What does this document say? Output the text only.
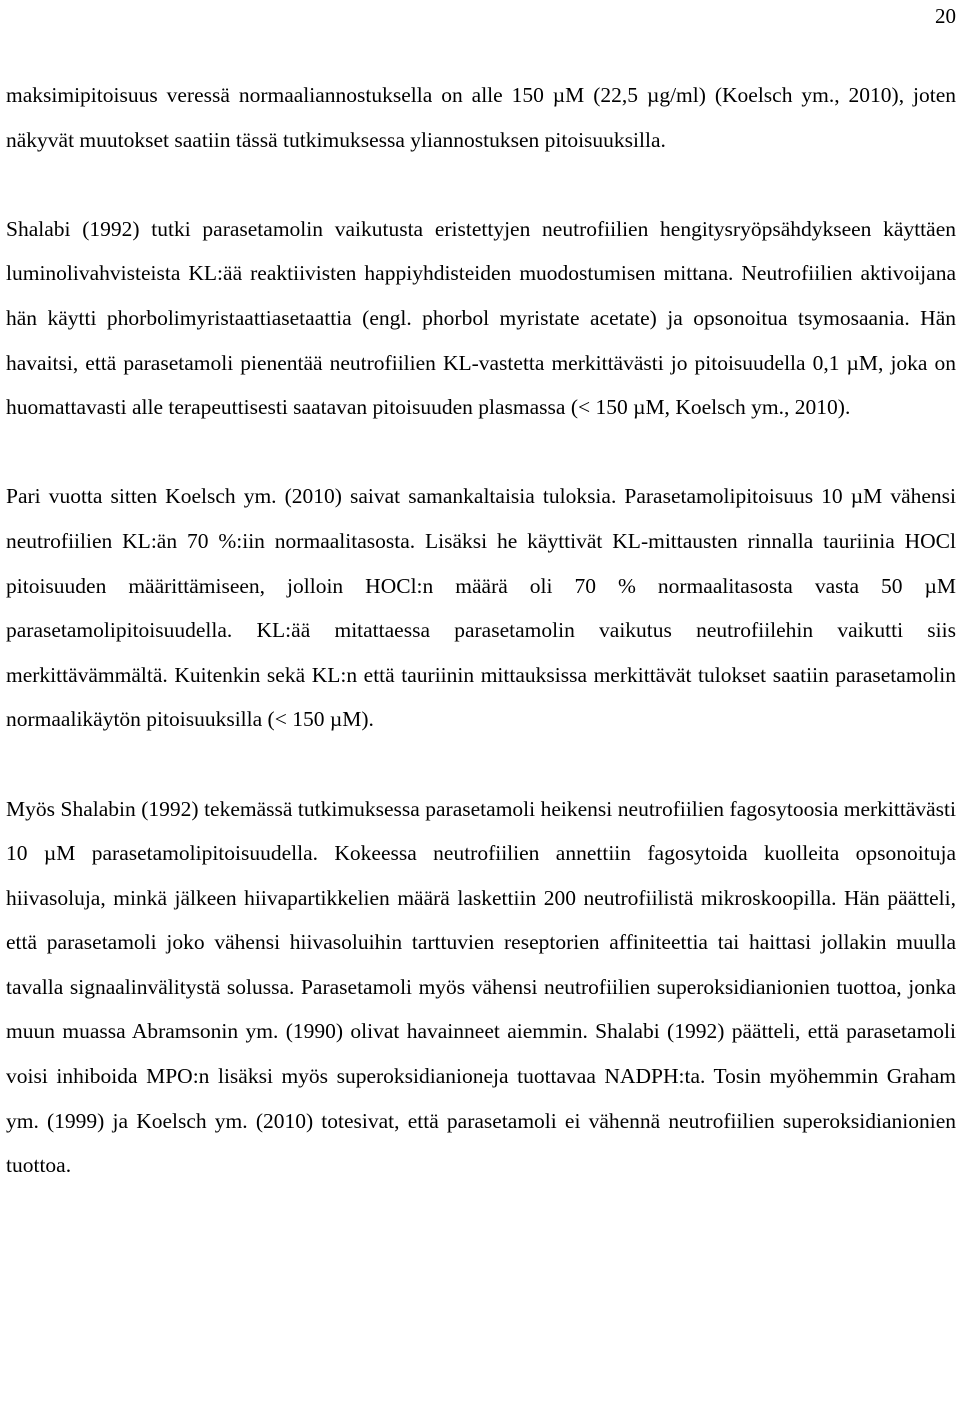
20

maksimipitoisuus veressä normaaliannostuksella on alle 150 µM (22,5 µg/ml) (Koelsch ym., 2010), joten näkyvät muutokset saatiin tässä tutkimuksessa yliannostuksen pitoisuuksilla.

Shalabi (1992) tutki parasetamolin vaikutusta eristettyjen neutrofiilien hengitysryöpsähdykseen käyttäen luminolivahvisteista KL:ää reaktiivisten happiyhdisteiden muodostumisen mittana. Neutrofiilien aktivoijana hän käytti phorbolimyristaattiasetaattia (engl. phorbol myristate acetate) ja opsonoitua tsymosaania. Hän havaitsi, että parasetamoli pienentää neutrofiilien KL-vastetta merkittävästi jo pitoisuudella 0,1 µM, joka on huomattavasti alle terapeuttisesti saatavan pitoisuuden plasmassa (< 150 µM, Koelsch ym., 2010).

Pari vuotta sitten Koelsch ym. (2010) saivat samankaltaisia tuloksia. Parasetamolipitoisuus 10 µM vähensi neutrofiilien KL:än 70 %:iin normaalitasosta. Lisäksi he käyttivät KL-mittausten rinnalla tauriinia HOCl pitoisuuden määrittämiseen, jolloin HOCl:n määrä oli 70 % normaalitasosta vasta 50 µM parasetamolipitoisuudella. KL:ää mitattaessa parasetamolin vaikutus neutrofiilehin vaikutti siis merkittävämmältä. Kuitenkin sekä KL:n että tauriinin mittauksissa merkittävät tulokset saatiin parasetamolin normaalikäytön pitoisuuksilla (< 150 µM).

Myös Shalabin (1992) tekemässä tutkimuksessa parasetamoli heikensi neutrofiilien fagosytoosia merkittävästi 10 µM parasetamolipitoisuudella. Kokeessa neutrofiilien annettiin fagosytoida kuolleita opsonoituja hiivasoluja, minkä jälkeen hiivapartikkelien määrä laskettiin 200 neutrofiilistä mikroskoopilla. Hän päätteli, että parasetamoli joko vähensi hiivasoluihin tarttuvien reseptorien affiniteettia tai haittasi jollakin muulla tavalla signaalinvälitystä solussa. Parasetamoli myös vähensi neutrofiilien superoksidianionien tuottoa, jonka muun muassa Abramsonin ym. (1990) olivat havainneet aiemmin. Shalabi (1992) päätteli, että parasetamoli voisi inhiboida MPO:n lisäksi myös superoksidianioneja tuottavaa NADPH:ta. Tosin myöhemmin Graham ym. (1999) ja Koelsch ym. (2010) totesivat, että parasetamoli ei vähennä neutrofiilien superoksidianionien tuottoa.
